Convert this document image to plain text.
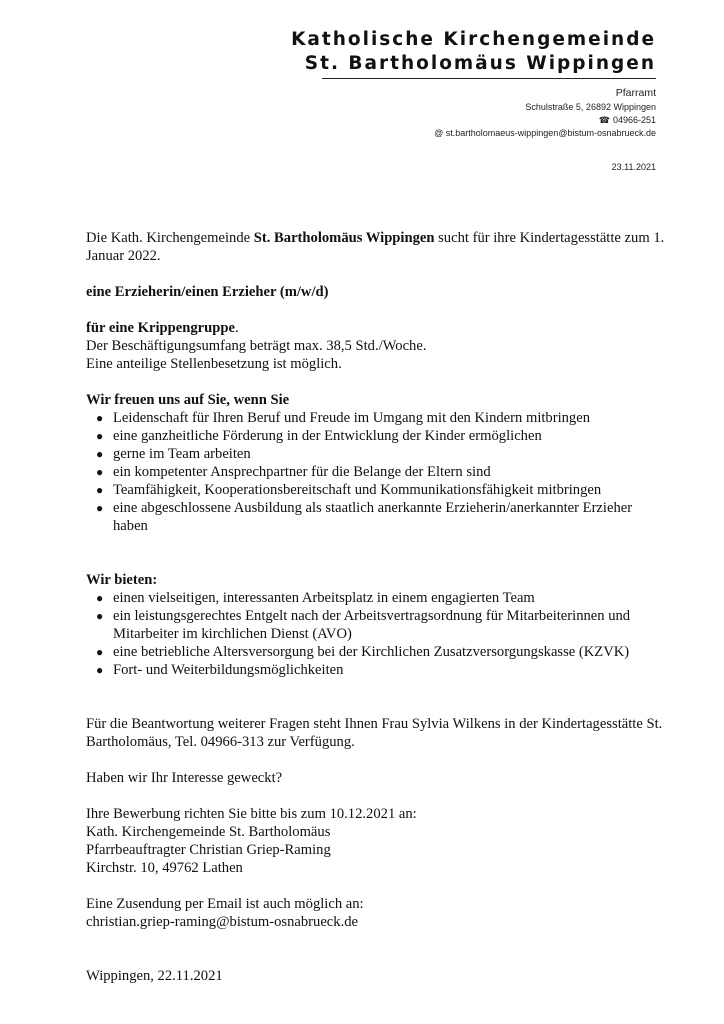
Katholische Kirchengemeinde
St. Bartholomäus Wippingen
Pfarramt
Schulstraße 5, 26892 Wippingen
☎ 04966-251
@ st.bartholomaeus-wippingen@bistum-osnabrueck.de
23.11.2021

Die Kath. Kirchengemeinde St. Bartholomäus Wippingen sucht für ihre Kindertagesstätte zum 1. Januar 2022.

eine Erzieherin/einen Erzieher (m/w/d)

für eine Krippengruppe.

Der Beschäftigungsumfang beträgt max. 38,5 Std./Woche.

Eine anteilige Stellenbesetzung ist möglich.

Wir freuen uns auf Sie, wenn Sie

● Leidenschaft für Ihren Beruf und Freude im Umgang mit den Kindern mitbringen
● eine ganzheitliche Förderung in der Entwicklung der Kinder ermöglichen
● gerne im Team arbeiten
● ein kompetenter Ansprechpartner für die Belange der Eltern sind
● Teamfähigkeit, Kooperationsbereitschaft und Kommunikationsfähigkeit mitbringen
● eine abgeschlossene Ausbildung als staatlich anerkannte Erzieherin/anerkannter Erzieher haben

Wir bieten:

● einen vielseitigen, interessanten Arbeitsplatz in einem engagierten Team
● ein leistungsgerechtes Entgelt nach der Arbeitsvertragsordnung für Mitarbeiterinnen und Mitarbeiter im kirchlichen Dienst (AVO)
● eine betriebliche Altersversorgung bei der Kirchlichen Zusatzversorgungskasse (KZVK)
● Fort- und Weiterbildungsmöglichkeiten

Für die Beantwortung weiterer Fragen steht Ihnen Frau Sylvia Wilkens in der Kindertagesstätte St. Bartholomäus, Tel. 04966-313 zur Verfügung.

Haben wir Ihr Interesse geweckt?

Ihre Bewerbung richten Sie bitte bis zum 10.12.2021 an:

Kath. Kirchengemeinde St. Bartholomäus

Pfarrbeauftragter Christian Griep-Raming

Kirchstr. 10, 49762 Lathen

Eine Zusendung per Email ist auch möglich an:

christian.griep-raming@bistum-osnabrueck.de

Wippingen, 22.11.2021
